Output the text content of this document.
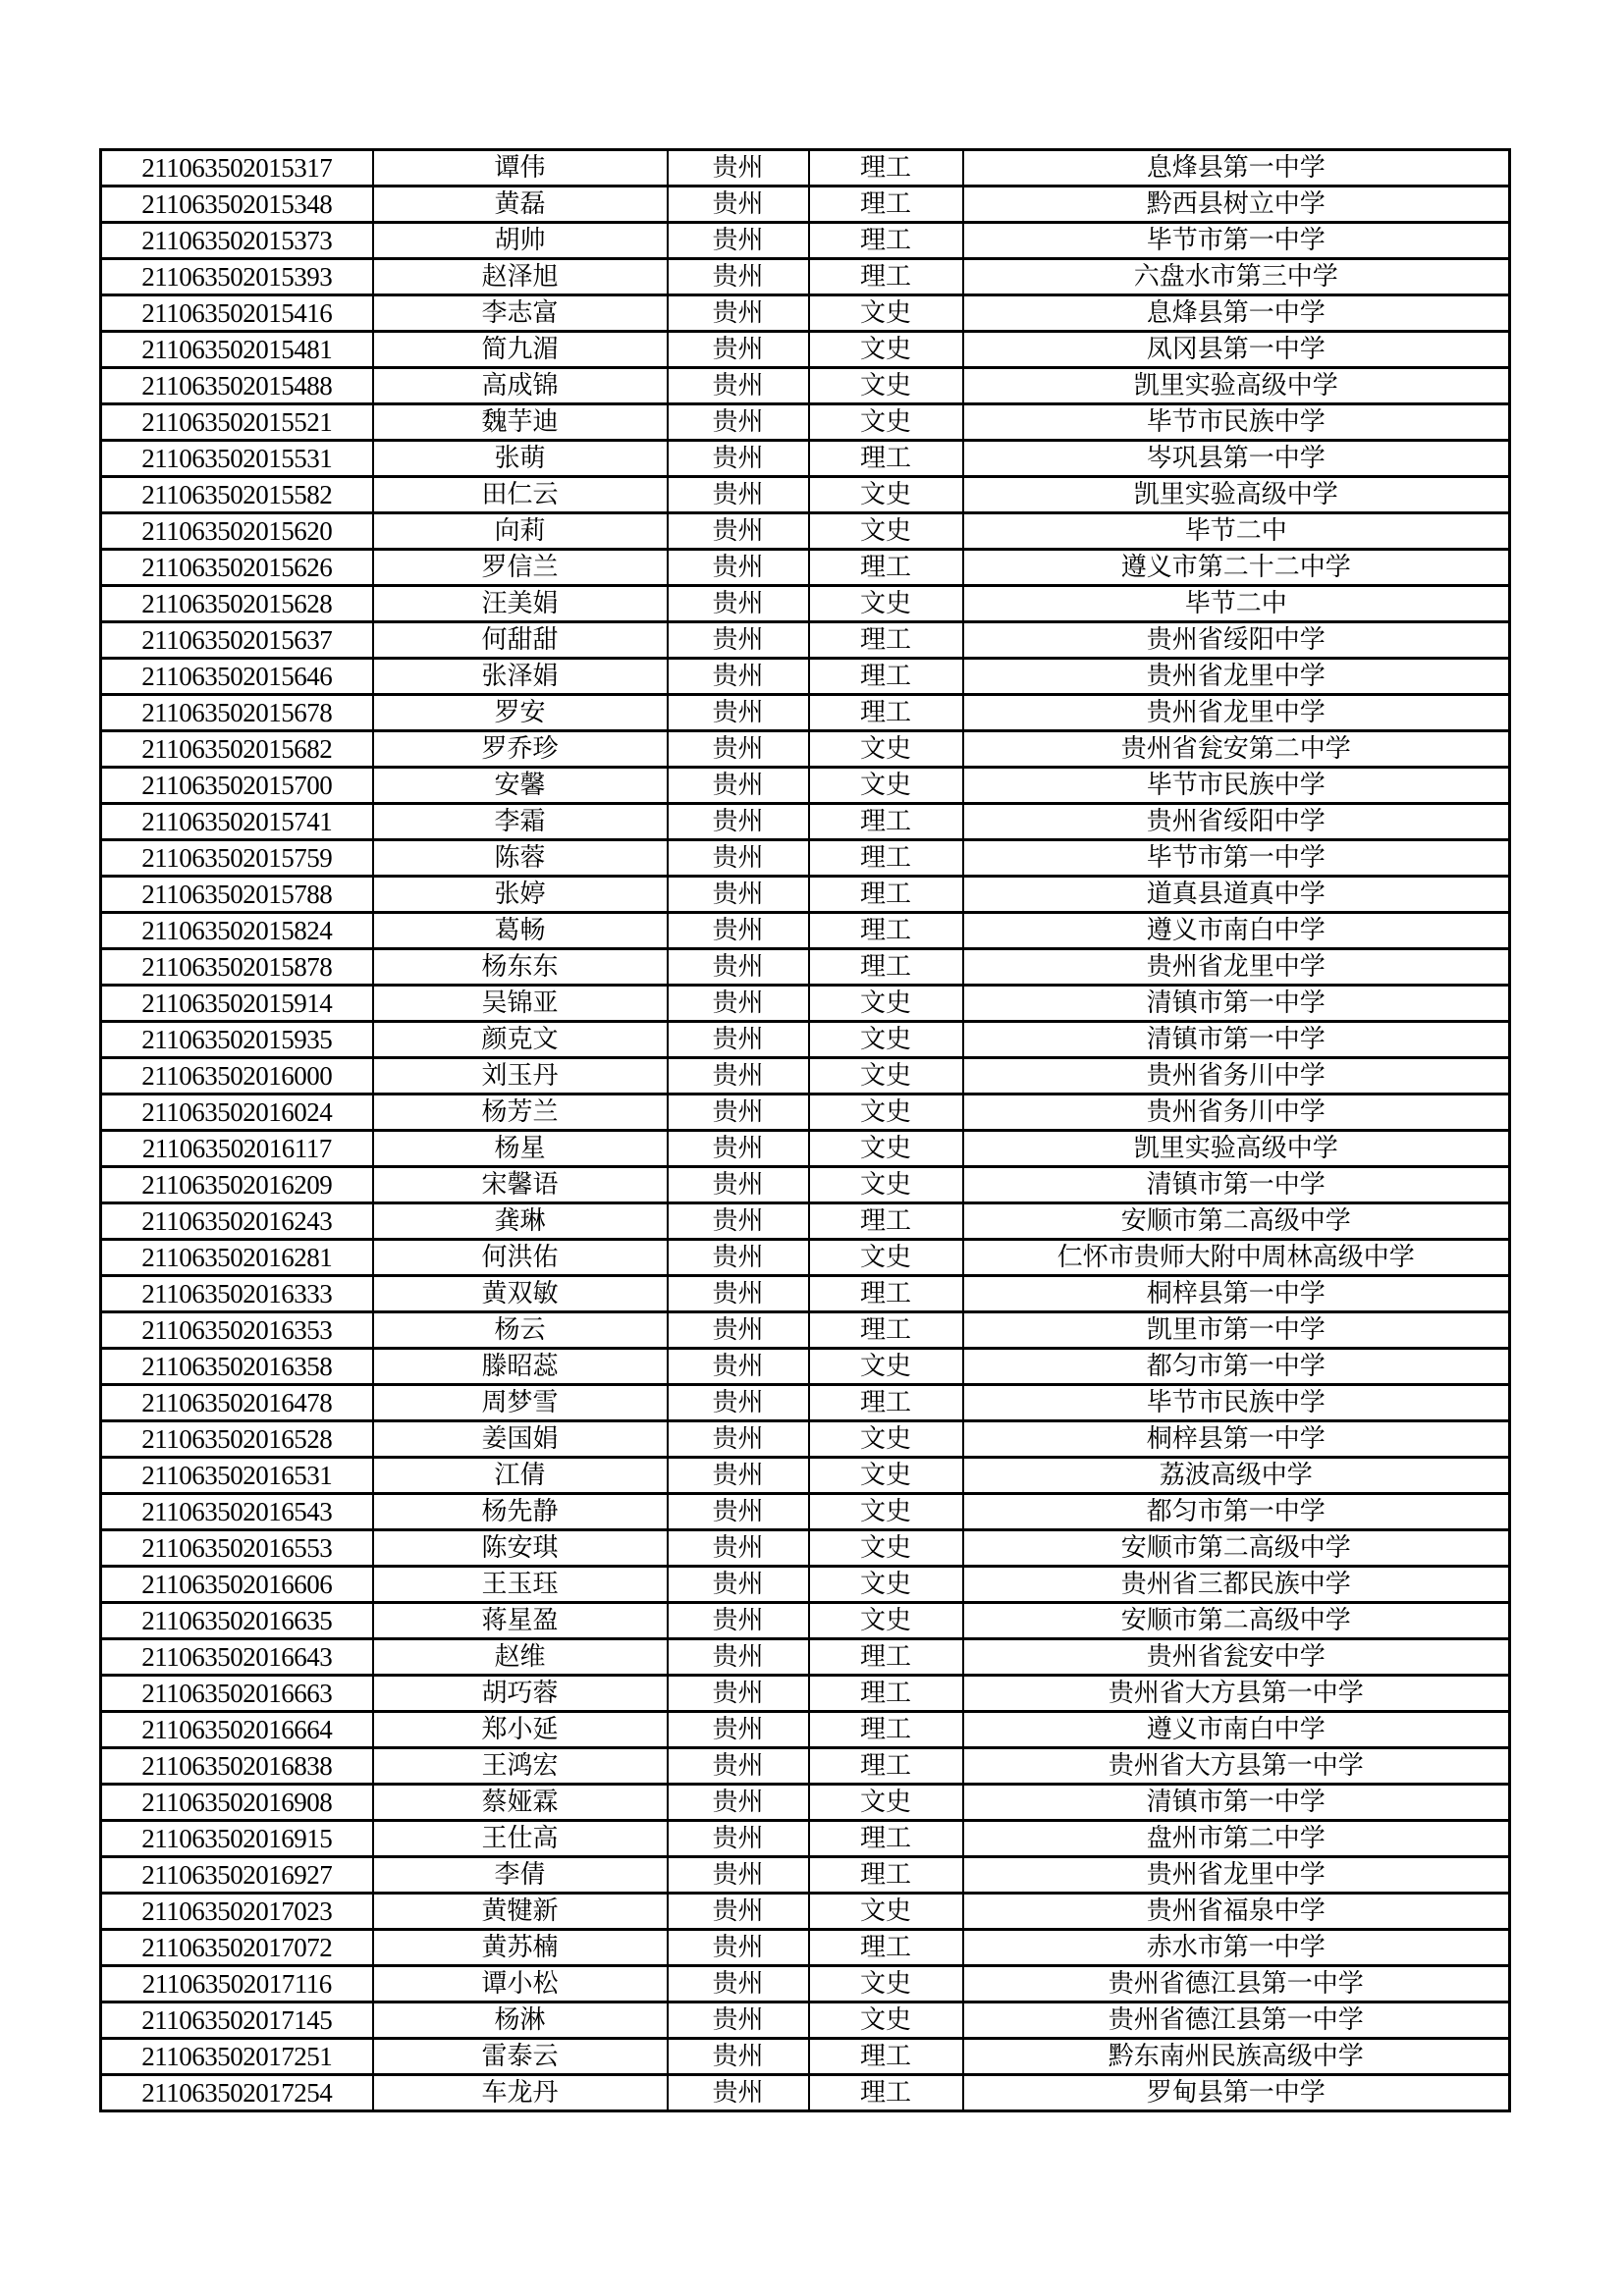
211063502015317	谭伟	贵州	理工	息烽县第一中学
211063502015348	黄磊	贵州	理工	黔西县树立中学
211063502015373	胡帅	贵州	理工	毕节市第一中学
211063502015393	赵泽旭	贵州	理工	六盘水市第三中学
211063502015416	李志富	贵州	文史	息烽县第一中学
211063502015481	简九湄	贵州	文史	凤冈县第一中学
211063502015488	高成锦	贵州	文史	凯里实验高级中学
211063502015521	魏芋迪	贵州	文史	毕节市民族中学
211063502015531	张萌	贵州	理工	岑巩县第一中学
211063502015582	田仁云	贵州	文史	凯里实验高级中学
211063502015620	向莉	贵州	文史	毕节二中
211063502015626	罗信兰	贵州	理工	遵义市第二十二中学
211063502015628	汪美娟	贵州	文史	毕节二中
211063502015637	何甜甜	贵州	理工	贵州省绥阳中学
211063502015646	张泽娟	贵州	理工	贵州省龙里中学
211063502015678	罗安	贵州	理工	贵州省龙里中学
211063502015682	罗乔珍	贵州	文史	贵州省瓮安第二中学
211063502015700	安馨	贵州	文史	毕节市民族中学
211063502015741	李霜	贵州	理工	贵州省绥阳中学
211063502015759	陈蓉	贵州	理工	毕节市第一中学
211063502015788	张婷	贵州	理工	道真县道真中学
211063502015824	葛畅	贵州	理工	遵义市南白中学
211063502015878	杨东东	贵州	理工	贵州省龙里中学
211063502015914	吴锦亚	贵州	文史	清镇市第一中学
211063502015935	颜克文	贵州	文史	清镇市第一中学
211063502016000	刘玉丹	贵州	文史	贵州省务川中学
211063502016024	杨芳兰	贵州	文史	贵州省务川中学
211063502016117	杨星	贵州	文史	凯里实验高级中学
211063502016209	宋馨语	贵州	文史	清镇市第一中学
211063502016243	龚琳	贵州	理工	安顺市第二高级中学
211063502016281	何洪佑	贵州	文史	仁怀市贵师大附中周林高级中学
211063502016333	黄双敏	贵州	理工	桐梓县第一中学
211063502016353	杨云	贵州	理工	凯里市第一中学
211063502016358	滕昭蕊	贵州	文史	都匀市第一中学
211063502016478	周梦雪	贵州	理工	毕节市民族中学
211063502016528	姜国娟	贵州	文史	桐梓县第一中学
211063502016531	江倩	贵州	文史	荔波高级中学
211063502016543	杨先静	贵州	文史	都匀市第一中学
211063502016553	陈安琪	贵州	文史	安顺市第二高级中学
211063502016606	王玉珏	贵州	文史	贵州省三都民族中学
211063502016635	蒋星盈	贵州	文史	安顺市第二高级中学
211063502016643	赵维	贵州	理工	贵州省瓮安中学
211063502016663	胡巧蓉	贵州	理工	贵州省大方县第一中学
211063502016664	郑小延	贵州	理工	遵义市南白中学
211063502016838	王鸿宏	贵州	理工	贵州省大方县第一中学
211063502016908	蔡娅霖	贵州	文史	清镇市第一中学
211063502016915	王仕高	贵州	理工	盘州市第二中学
211063502016927	李倩	贵州	理工	贵州省龙里中学
211063502017023	黄犍新	贵州	文史	贵州省福泉中学
211063502017072	黄苏楠	贵州	理工	赤水市第一中学
211063502017116	谭小松	贵州	文史	贵州省德江县第一中学
211063502017145	杨淋	贵州	文史	贵州省德江县第一中学
211063502017251	雷泰云	贵州	理工	黔东南州民族高级中学
211063502017254	车龙丹	贵州	理工	罗甸县第一中学
